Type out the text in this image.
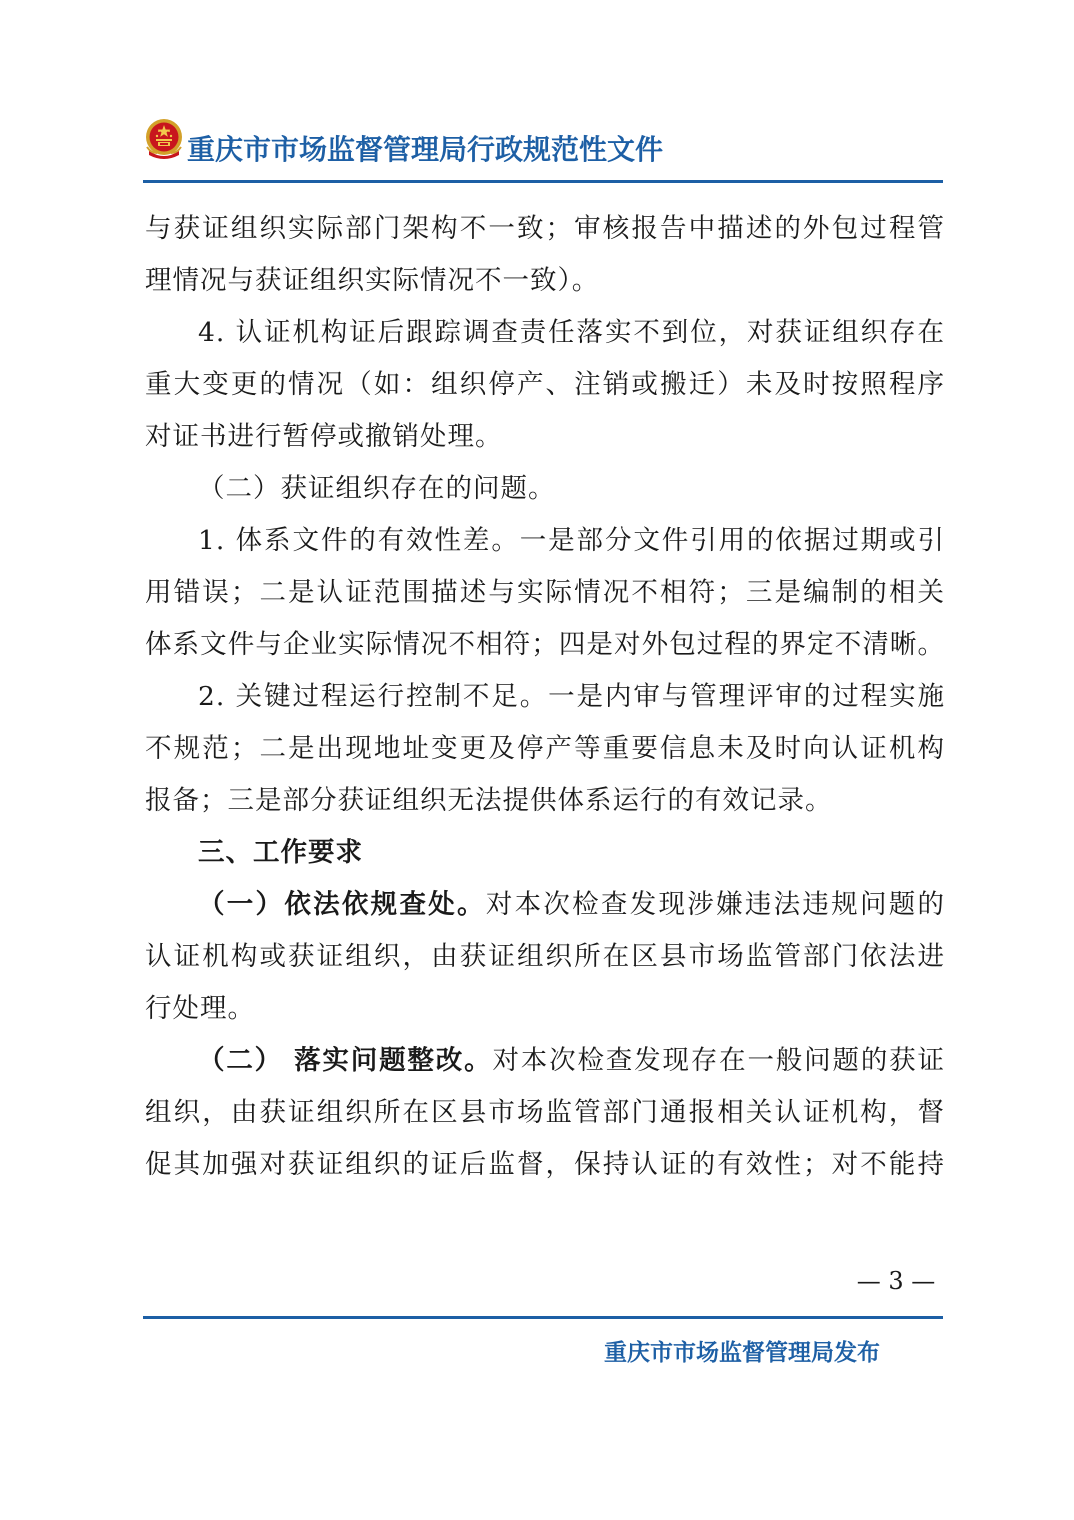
重庆市市场监督管理局行政规范性文件
与获证组织实际部门架构不一致；审核报告中描述的外包过程管
理情况与获证组织实际情况不一致）。
4. 认证机构证后跟踪调查责任落实不到位，对获证组织存在
重大变更的情况（如：组织停产、注销或搬迁）未及时按照程序
对证书进行暂停或撤销处理。
（二）获证组织存在的问题。
1. 体系文件的有效性差。一是部分文件引用的依据过期或引
用错误；二是认证范围描述与实际情况不相符；三是编制的相关
体系文件与企业实际情况不相符；四是对外包过程的界定不清晰。
2. 关键过程运行控制不足。一是内审与管理评审的过程实施
不规范；二是出现地址变更及停产等重要信息未及时向认证机构
报备；三是部分获证组织无法提供体系运行的有效记录。
三、工作要求
（一）依法依规查处。对本次检查发现涉嫌违法违规问题的
认证机构或获证组织，由获证组织所在区县市场监管部门依法进
行处理。
（二） 落实问题整改。对本次检查发现存在一般问题的获证
组织，由获证组织所在区县市场监管部门通报相关认证机构，督
促其加强对获证组织的证后监督，保持认证的有效性；对不能持
— 3 —
重庆市市场监督管理局发布
